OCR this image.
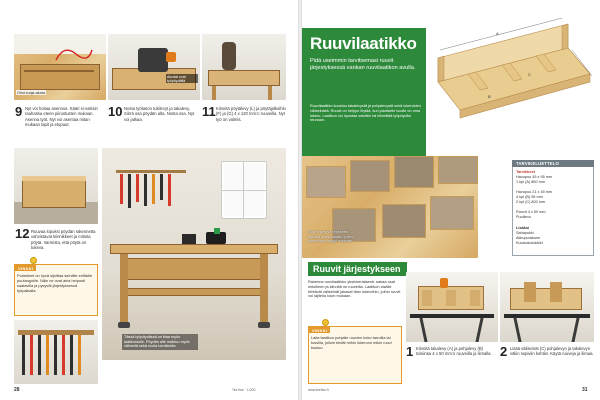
Ohut suoja-alusta
Alustat ovat työpöydällä
9 Nyt voi hoitaa asennus. Kääri si-valssin rauhassa eteen piirustusten mukaan. Asenna työt. Nyt voi asentaa mitan mukaan tapit ja etupuut.
10 Nosta työtason tukilevyt ja takalevy, Siirrä osa pöydän alta. Nosta osa. Nyt voi jatkaa.
11 Kiinnitä pöytälevy (L) ja pöytäjalkoihin (F) ja (G) 4 x 120 mm:n ruuveilla. Nyt työ on valmis.
12 Ruuvaa lopuksi pöydän rakennetta vahvistavat kiinnikkeet ja mitoita pöytä. Varmista, että pöytä on tukeva.
Tässä työpöydässä on tilaa myös laatikostolle. Pöydän alle mahtuu myös välineitä sekä muita tarvikkeita.
VINKKI
Puristimet on hyvä sijoittaa seinälle erillisille puutangoille. Näin ne ovat aina helposti saatavilla ja pysyvät järjestyksessä työpaikalla.
28	Tee Itse · 1/200
Ruuvilaatikko
Pidä useimmin tarvitsemasi ruuvit järjestyksessä vankan ruuvilaatikon avulla.
Ruuvilaatikko koostuu takalevystä ja pohjalevystä sekä lokeroiden väliseinistä. Ruuvit on helppo löytää, kun jokaiselle koolle on oma lokero. Laatikon voi ripustaa seinälle tai kiinnittää työpöydän reunaan.
A
B
C
Ruuvit pysyvät erikseen omissa lokeroissaan, joten oikea koko löytyy nopeasti.
TARVIKELUETTELO
Tarvikkeet
Havupuu 45 x 95 mm
1 kpl (A) 800 mm
Havupuu 21 x 45 mm
4 kpl (B) 95 mm
2 kpl (C) 800 mm
Ruuvit 4 x 50 mm
Puuliima
Lisäksi
Sahapukki
Akkuporakone
Kuusiokolokärki
Ruuvit järjestykseen
Rakenna ruuvilaatikko yksinkertaisesti: sahaa osat mitoilleen ja kiinnitä ne ruuveilla. Laatikon sisälle tehtävät väliseinät jakavat tilan lokeroihin, joihin ruuvit voi lajitella koon mukaan.
VINKKI
Laita laatikon pohjalle ruuvien koko tarroilla tai tussilla, jolloin tiedät mihin lokeroon mikin ruuvi kuuluu.	1 Kiinnitä takalevy (A) ja pohjalevy (B) toisiinsa 4 x 50 mm:n ruuveilla ja liimalla. 2 Lisää väliseinät (C) pohjalevyn ja takalevyn väliin sopiviin kohtiin. Käytä ruuveja ja liimaa.
www.teeitse.fi	31
